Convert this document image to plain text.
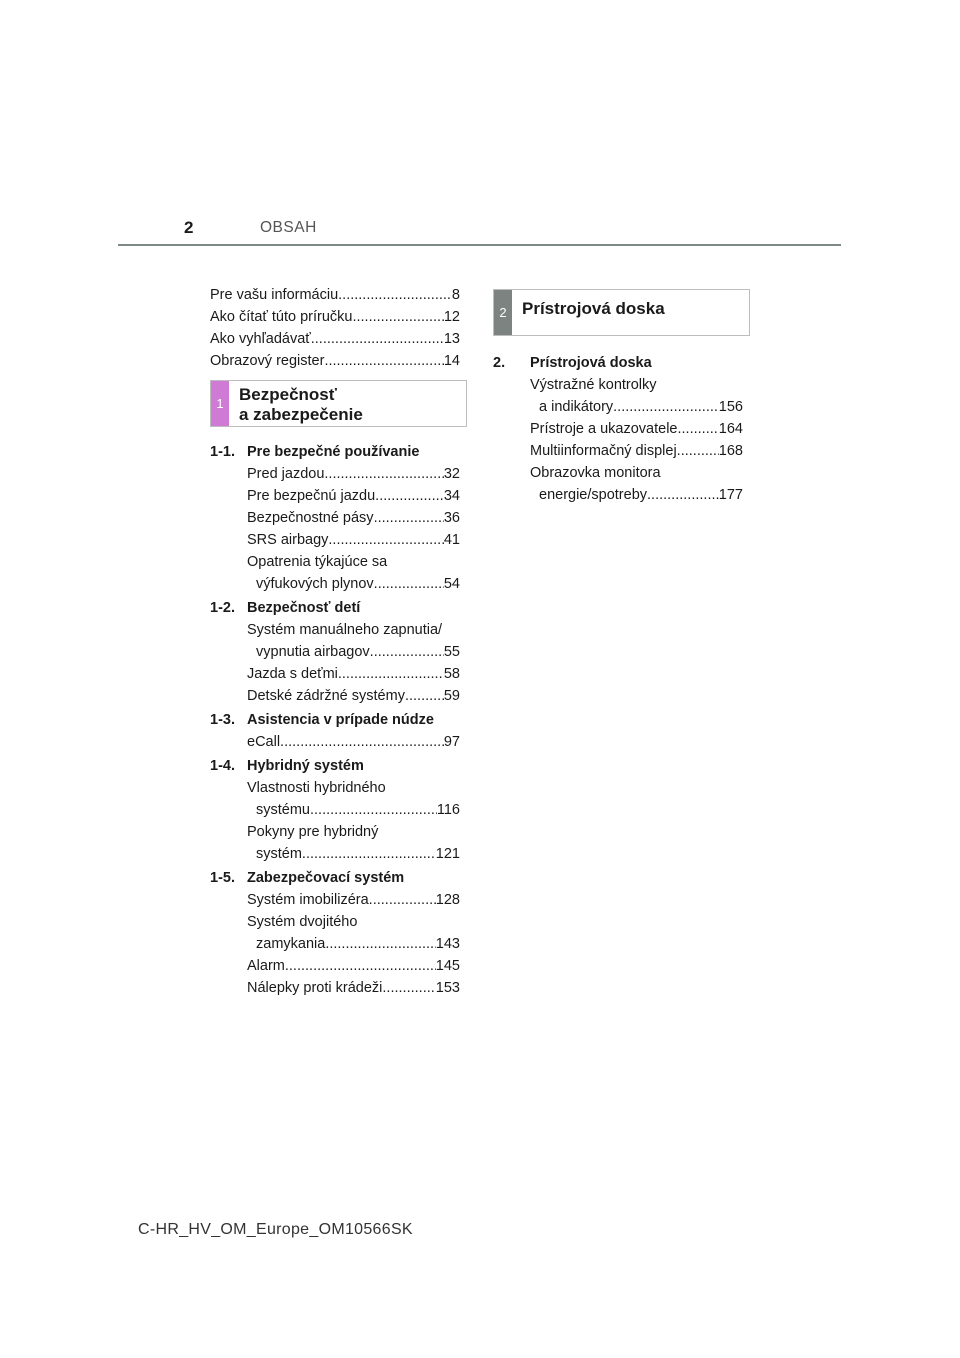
2	OBSAH
Pre vašu informáciu .....	8
Ako čítať túto príručku .....	12
Ako vyhľadávať .....	13
Obrazový register .....	14
1 Bezpečnosť
a zabezpečenie
1-1. Pre bezpečné používanie
Pred jazdou .....	32
Pre bezpečnú jazdu .....	34
Bezpečnostné pásy .....	36
SRS airbagy .....	41
Opatrenia týkajúce sa
výfukových plynov .....	54
1-2. Bezpečnosť detí
Systém manuálneho zapnutia/
vypnutia airbagov .....	55
Jazda s deťmi .....	58
Detské zádržné systémy .....	59
1-3. Asistencia v prípade núdze
eCall .....	97
1-4. Hybridný systém
Vlastnosti hybridného
systému .....	116
Pokyny pre hybridný
systém .....	121
1-5. Zabezpečovací systém
Systém imobilizéra .....	128
Systém dvojitého
zamykania .....	143
Alarm .....	145
Nálepky proti krádeži .....	153
2 Prístrojová doska
2.	Prístrojová doska
Výstražné kontrolky
a indikátory .....	156
Prístroje a ukazovatele .....	164
Multiinformačný displej .....	168
Obrazovka monitora
energie/spotreby .....	177
C-HR_HV_OM_Europe_OM10566SK
